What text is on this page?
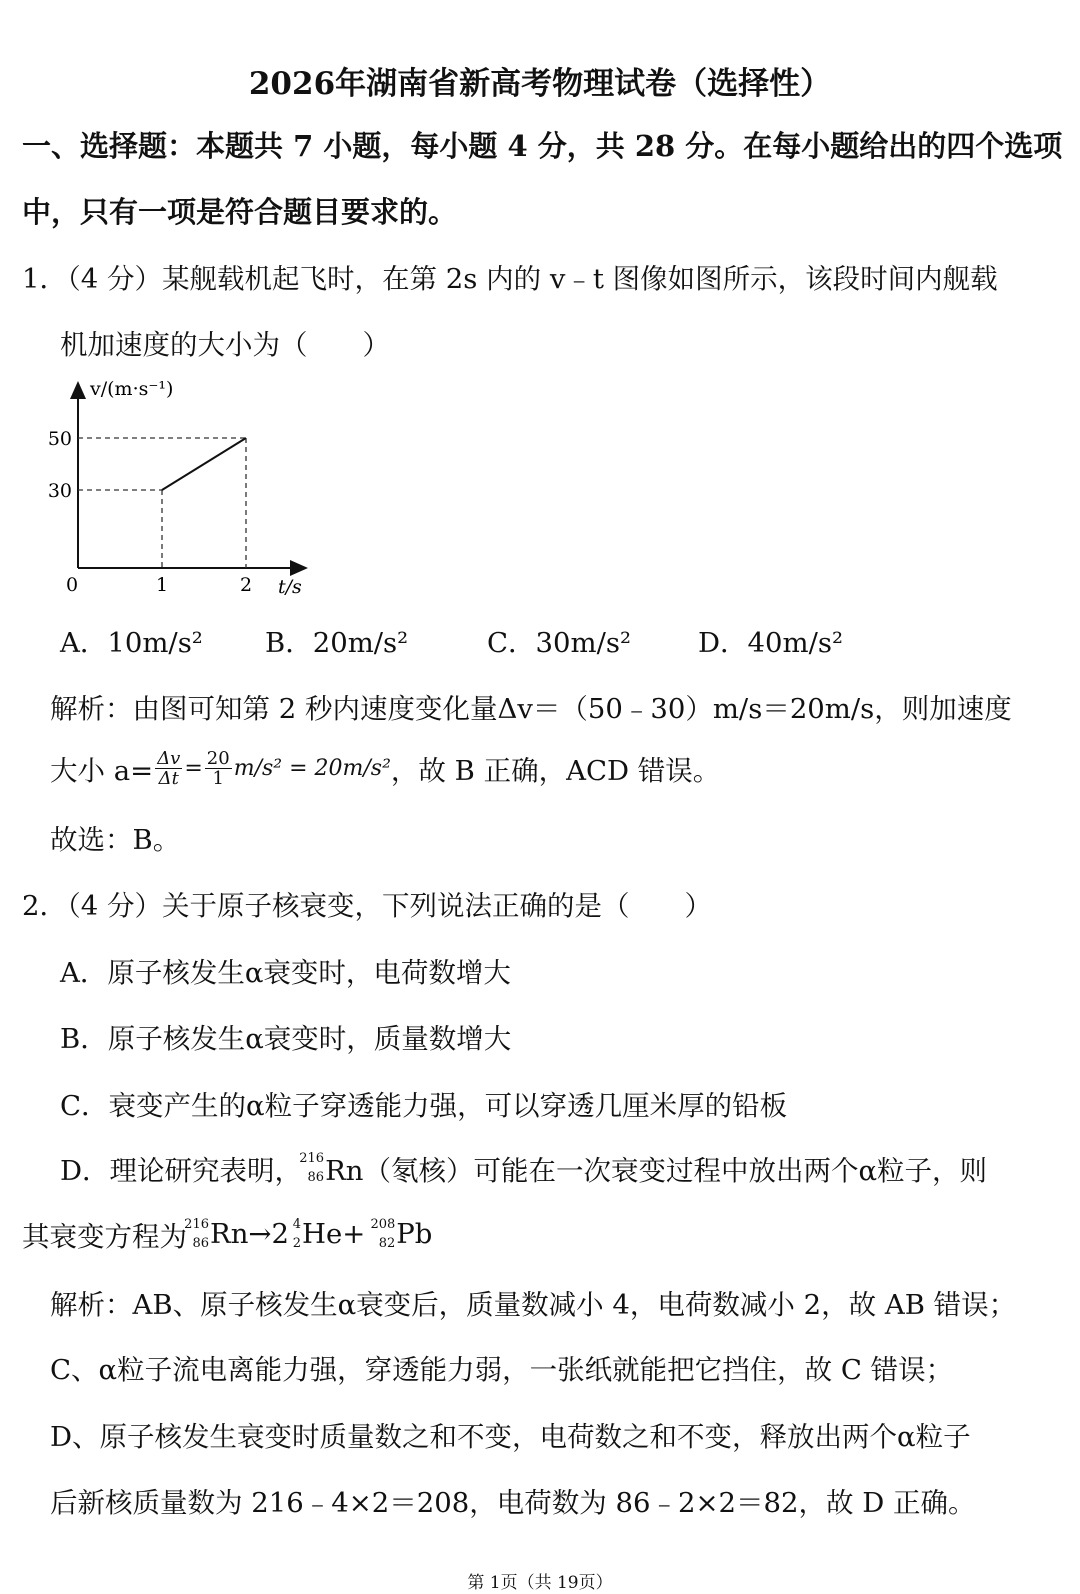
2026年湖南省新高考物理试卷（选择性）
一、选择题：本题共 7 小题，每小题 4 分，共 28 分。在每小题给出的四个选项
中，只有一项是符合题目要求的。
1．（4 分）某舰载机起飞时，在第 2s 内的 v﹣t 图像如图所示，该段时间内舰载
机加速度的大小为（　　）
v/(m·s⁻¹)
t/s
0	1	2
30
50
A．10m/s² B．20m/s²	C．30m/s² D．40m/s²
解析：由图可知第 2 秒内速度变化量Δv＝（50﹣30）m/s＝20m/s，则加速度
大小 $a= \frac{\Delta v}{\Delta t} = \frac{20}{1} m/s^2 = 20m/s^2$ ，故 B 正确，ACD 错误。
故选：B。
2．（4 分）关于原子核衰变，下列说法正确的是（　　）
A．原子核发生α衰变时，电荷数增大
B．原子核发生α衰变时，质量数增大
C．衰变产生的α粒子穿透能力强，可以穿透几厘米厚的铅板
D．理论研究表明，
216
86 Rn（氡核）可能在一次衰变过程中放出两个α粒子，则
其衰变方程为
216
86 Rn →2 4
2 He+ 208
82 Pb
解析：AB、原子核发生α衰变后，质量数减小 4，电荷数减小 2，故 AB 错误；
C、α粒子流电离能力强，穿透能力弱，一张纸就能把它挡住，故 C 错误；
D、原子核发生衰变时质量数之和不变，电荷数之和不变，释放出两个α粒子
后新核质量数为 216﹣4×2＝208，电荷数为 86﹣2×2＝82，故 D 正确。
第 1页（共 19页）
